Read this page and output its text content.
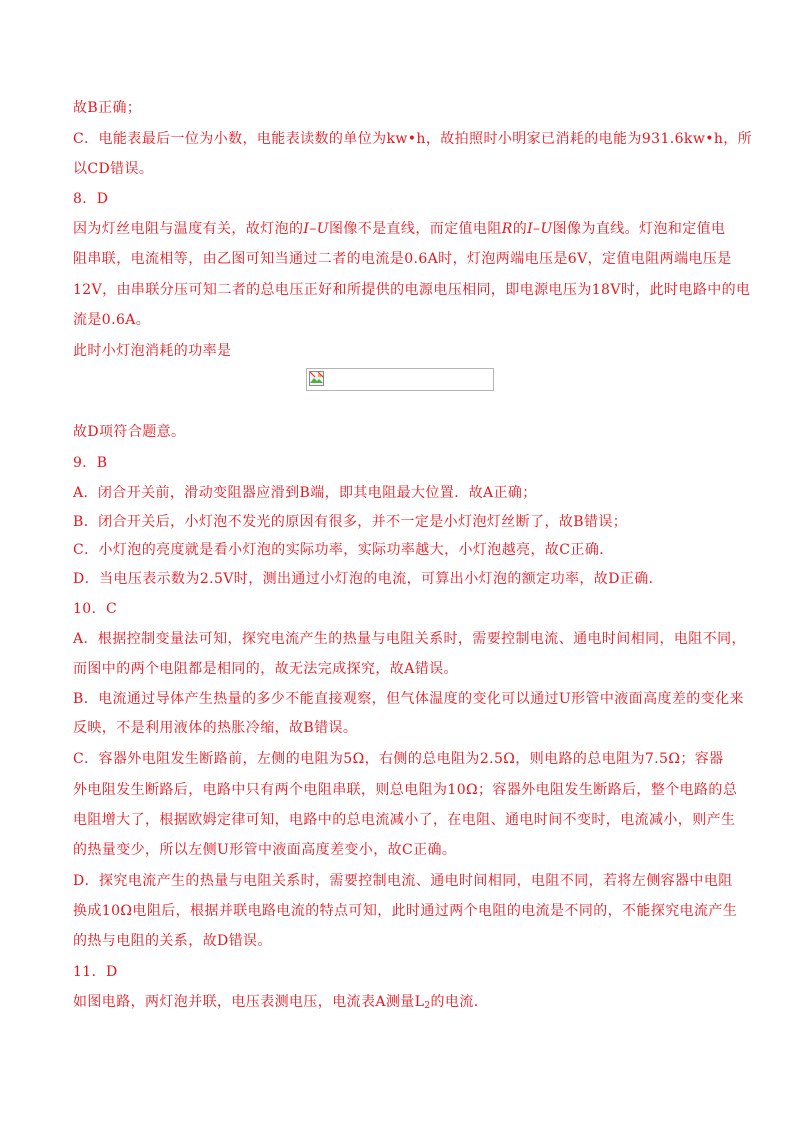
故B正确；
C．电能表最后一位为小数，电能表读数的单位为kw•h，故拍照时小明家已消耗的电能为931.6kw•h，所
以CD错误。
8．D
因为灯丝电阻与温度有关，故灯泡的I–U图像不是直线，而定值电阻R的I–U图像为直线。灯泡和定值电
阻串联，电流相等，由乙图可知当通过二者的电流是0.6A时，灯泡两端电压是6V，定值电阻两端电压是
12V，由串联分压可知二者的总电压正好和所提供的电源电压相同，即电源电压为18V时，此时电路中的电
流是0.6A。
此时小灯泡消耗的功率是
故D项符合题意。
9．B
A．闭合开关前，滑动变阻器应滑到B端，即其电阻最大位置．故A正确；
B．闭合开关后，小灯泡不发光的原因有很多，并不一定是小灯泡灯丝断了，故B错误；
C．小灯泡的亮度就是看小灯泡的实际功率，实际功率越大，小灯泡越亮，故C正确．
D．当电压表示数为2.5V时，测出通过小灯泡的电流，可算出小灯泡的额定功率，故D正确．
10．C
A．根据控制变量法可知，探究电流产生的热量与电阻关系时，需要控制电流、通电时间相同，电阻不同，
而图中的两个电阻都是相同的，故无法完成探究，故A错误。
B．电流通过导体产生热量的多少不能直接观察，但气体温度的变化可以通过U形管中液面高度差的变化来
反映，不是利用液体的热胀冷缩，故B错误。
C．容器外电阻发生断路前，左侧的电阻为5Ω，右侧的总电阻为2.5Ω，则电路的总电阻为7.5Ω；容器
外电阻发生断路后，电路中只有两个电阻串联，则总电阻为10Ω；容器外电阻发生断路后，整个电路的总
电阻增大了，根据欧姆定律可知，电路中的总电流减小了，在电阻、通电时间不变时，电流减小，则产生
的热量变少，所以左侧U形管中液面高度差变小，故C正确。
D．探究电流产生的热量与电阻关系时，需要控制电流、通电时间相同，电阻不同，若将左侧容器中电阻
换成10Ω电阻后，根据并联电路电流的特点可知，此时通过两个电阻的电流是不同的，不能探究电流产生
的热与电阻的关系，故D错误。
11．D
如图电路，两灯泡并联，电压表测电压，电流表A测量$L_2$的电流.
